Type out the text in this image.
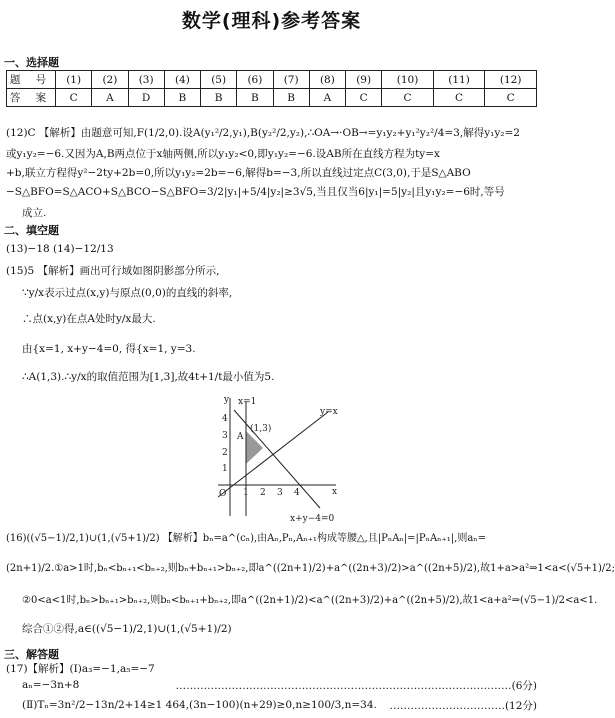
数学(理科)参考答案
一、选择题
题 号	(1)	(2)	(3)	(4)	(5)	(6)	(7)	(8)	(9)	(10)	(11)	(12)
答 案	C	A	D	B	B	B	B	A	C	C	C	C
(12)C 【解析】由题意可知,F(1/2,0).设A(y₁²/2,y₁),B(y₂²/2,y₂),∴OA→·OB→=y₁y₂+y₁²y₂²/4=3,解得y₁y₂=2
或y₁y₂=−6.又因为A,B两点位于x轴两侧,所以y₁y₂<0,即y₁y₂=−6.设AB所在直线方程为ty=x
+b,联立方程得y²−2ty+2b=0,所以y₁y₂=2b=−6,解得b=−3,所以直线过定点C(3,0),于是S△ABO
−S△BFO=S△ACO+S△BCO−S△BFO=3/2|y₁|+5/4|y₂|≥3√5,当且仅当6|y₁|=5|y₂|且y₁y₂=−6时,等号
成立.
二、填空题
(13)−18 (14)−12/13
(15)5 【解析】画出可行域如图阴影部分所示,
∵y/x表示过点(x,y)与原点(0,0)的直线的斜率,
∴点(x,y)在点A处时y/x最大.
由{x=1, x+y−4=0, 得{x=1, y=3.
∴A(1,3).∴y/x的取值范围为[1,3],故4t+1/t最小值为5.
y
x
O
A
(1,3)
x=1
y=x
x+y−4=0
1 2 3 4
1
2
3
4
(16)((√5−1)/2,1)∪(1,(√5+1)/2) 【解析】bₙ=a^(cₙ),由Aₙ,Pₙ,Aₙ₊₁构成等腰△,且|PₙAₙ|=|PₙAₙ₊₁|,则aₙ=
(2n+1)/2.①a>1时,bₙ<bₙ₊₁<bₙ₊₂,则bₙ+bₙ₊₁>bₙ₊₂,即a^((2n+1)/2)+a^((2n+3)/2)>a^((2n+5)/2),故1+a>a²⇒1<a<(√5+1)/2;
②0<a<1时,bₙ>bₙ₊₁>bₙ₊₂,则bₙ<bₙ₊₁+bₙ₊₂,即a^((2n+1)/2)<a^((2n+3)/2)+a^((2n+5)/2),故1<a+a²⇒(√5−1)/2<a<1.
综合①②得,a∈((√5−1)/2,1)∪(1,(√5+1)/2)
三、解答题
(17)【解析】(Ⅰ)a₃=−1,a₅=−7
aₙ=−3n+8	……………………………………………………………………………………(6分)
(Ⅱ)Tₙ=3n²/2−13n/2+14≥1 464,(3n−100)(n+29)≥0,n≥100/3,n=34.	……………………………(12分)
